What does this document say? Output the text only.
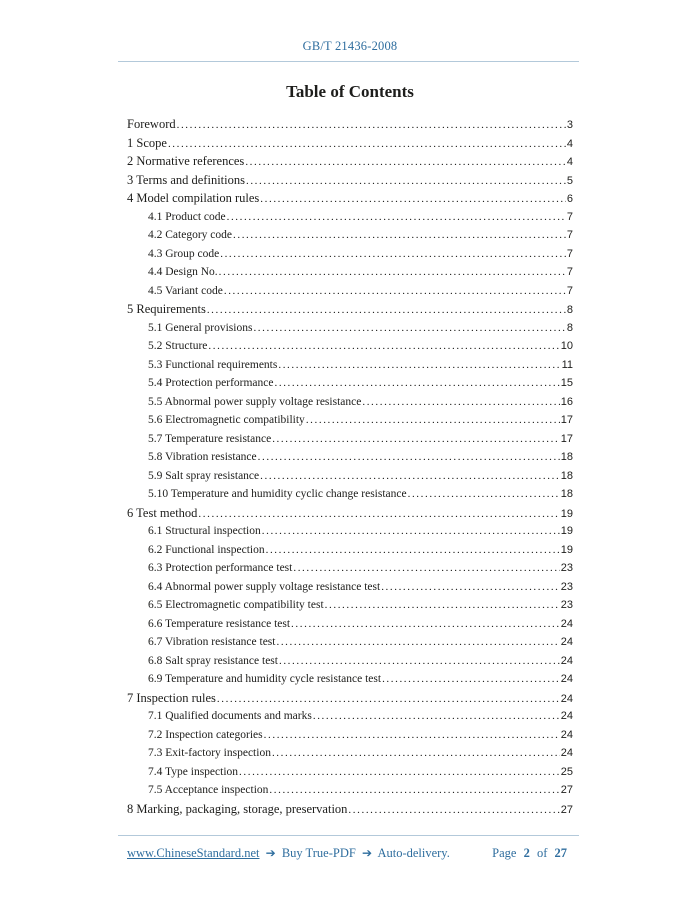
GB/T 21436-2008
Table of Contents
Foreword .....	3
1 Scope .....	4
2 Normative references .....	4
3 Terms and definitions .....	5
4 Model compilation rules .....	6
4.1 Product code .....	7
4.2 Category code .....	7
4.3 Group code .....	7
4.4 Design No. .....	7
4.5 Variant code .....	7
5 Requirements .....	8
5.1 General provisions .....	8
5.2 Structure .....	10
5.3 Functional requirements .....	11
5.4 Protection performance .....	15
5.5 Abnormal power supply voltage resistance .....	16
5.6 Electromagnetic compatibility .....	17
5.7 Temperature resistance .....	17
5.8 Vibration resistance .....	18
5.9 Salt spray resistance .....	18
5.10 Temperature and humidity cyclic change resistance .....	18
6 Test method .....	19
6.1 Structural inspection .....	19
6.2 Functional inspection .....	19
6.3 Protection performance test .....	23
6.4 Abnormal power supply voltage resistance test .....	23
6.5 Electromagnetic compatibility test .....	23
6.6 Temperature resistance test .....	24
6.7 Vibration resistance test .....	24
6.8 Salt spray resistance test .....	24
6.9 Temperature and humidity cycle resistance test .....	24
7 Inspection rules .....	24
7.1 Qualified documents and marks .....	24
7.2 Inspection categories .....	24
7.3 Exit-factory inspection .....	24
7.4 Type inspection .....	25
7.5 Acceptance inspection .....	27
8 Marking, packaging, storage, preservation .....	27
www.ChineseStandard.net ➔ Buy True-PDF ➔ Auto-delivery.	Page 2 of 27
